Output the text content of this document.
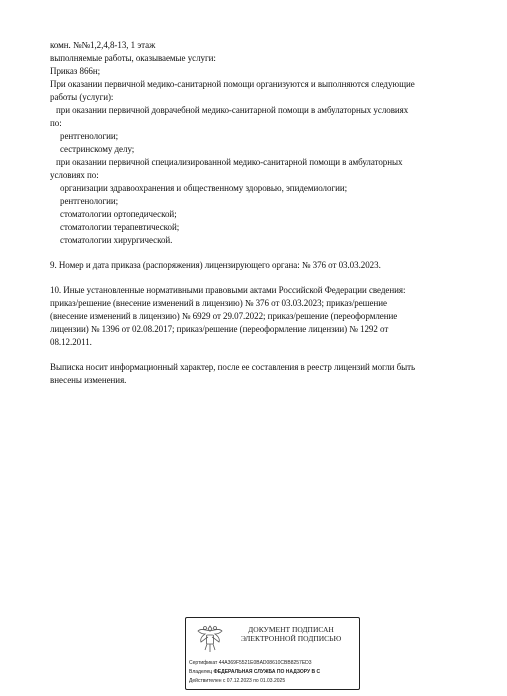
комн. №№1,2,4,8-13, 1 этаж
выполняемые работы, оказываемые услуги:
Приказ 866н;
При оказании первичной медико-санитарной помощи организуются и выполняются следующие
работы (услуги):
при оказании первичной доврачебной медико-санитарной помощи в амбулаторных условиях
по:
рентгенологии;
сестринскому делу;
при оказании первичной специализированной медико-санитарной помощи в амбулаторных
условиях по:
организации здравоохранения и общественному здоровью, эпидемиологии;
рентгенологии;
стоматологии ортопедической;
стоматологии терапевтической;
стоматологии хирургической.
9. Номер и дата приказа (распоряжения) лицензирующего органа: № 376 от 03.03.2023.
10. Иные установленные нормативными правовыми актами Российской Федерации сведения:
приказ/решение (внесение изменений в лицензию) № 376 от 03.03.2023; приказ/решение
(внесение изменений в лицензию) № 6929 от 29.07.2022; приказ/решение (переоформление
лицензии) № 1396 от 02.08.2017; приказ/решение (переоформление лицензии) № 1292 от
08.12.2011.
Выписка носит информационный характер, после ее составления в реестр лицензий могли быть
внесены изменения.
ДОКУМЕНТ ПОДПИСАН
ЭЛЕКТРОННОЙ ПОДПИСЬЮ
Сертификат 44A369F5521E0BAD08610CBB8257ED3
Владелец ФЕДЕРАЛЬНАЯ СЛУЖБА ПО НАДЗОРУ В С
Действителен с 07.12.2023 по 01.03.2025
